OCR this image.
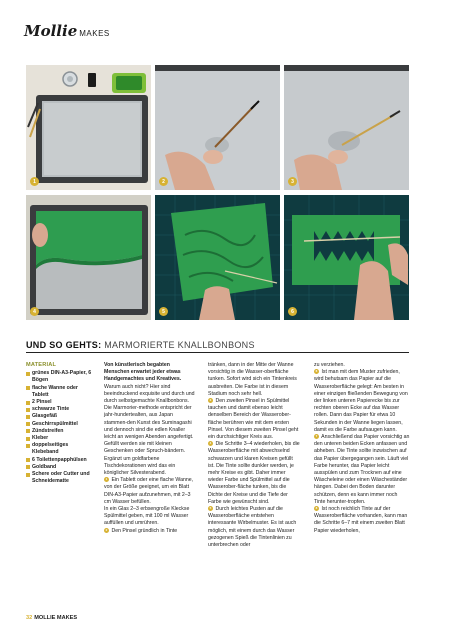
Mollie MAKES
1	2	3
4	5	6
UND SO GEHTS: MARMORIERTE KNALLBONBONS
MATERIAL
grünes DIN-A3-Papier, 6 Bögen
flache Wanne oder Tablett
2 Pinsel
schwarze Tinte
Glasgefäß
Geschirrspülmittel
Zündstreifen
Kleber
doppelseitiges Klebeband
6 Toilettenpapphülsen
Goldband
Schere oder Cutter und Schneidematte

Von künstlerisch begabten Menschen erwartet jeder etwas Handgemachtes und Kreatives. Warum auch nicht? Hier sind beeindruckend exquisite und durch und durch selbstgemachte Knallbonbons. Die Marmorier-methode entspricht der jahr-hundertealten, aus Japan stammen-den Kunst des Suminagashi und dennoch sind die edlen Knaller leicht an wenigen Abenden angefertigt. Gefüllt werden sie mit kleinen Geschenken oder Spruch-bändern. Ergänzt um goldfarbene Tischdekorationen wird das ein königlicher Silvesterabend.

1 Ein Tablett oder eine flache Wanne, von der Größe geeignet, um ein Blatt DIN-A3-Papier aufzunehmen, mit 2–3 cm Wasser befüllen.

In ein Glas 2–3 erbsengroße Kleckse Spülmittel geben, mit 100 ml Wasser auffüllen und umrühren.

2 Den Pinsel gründlich in Tinte

tränken, dann in der Mitte der Wanne vorsichtig in die Wasser-oberfläche tunken. Sofort wird sich ein Tintenkreis ausbreiten. Die Farbe ist in diesem Stadium noch sehr hell.

3 Den zweiten Pinsel in Spülmittel tauchen und damit ebenso leicht denselben Bereich der Wasserober-fläche berühren wie mit dem ersten Pinsel. Von diesem zweiten Pinsel geht ein durchsichtiger Kreis aus.

4 Die Schritte 3–4 wiederholen, bis die Wasseroberfläche mit abwechselnd schwarzen und klaren Kreisen gefüllt ist. Die Tinte sollte dunkler werden, je mehr Kreise es gibt. Daher immer wieder Farbe und Spülmittel auf die Wasserober-fläche tunken, bis die Dichte der Kreise und die Tiefe der Farbe wie gewünscht sind.

5 Durch leichtes Pusten auf die Wasseroberfläche entstehen interessante Wirbelmuster. Es ist auch möglich, mit einem durch das Wasser gezogenen Spieß die Tintenlinien zu unterbrechen oder

zu verziehen.

6 Ist man mit dem Muster zufrieden, wird behutsam das Papier auf die Wasseroberfläche gelegt: Am besten in einer einzigen fließenden Bewegung von der linken unteren Papierecke bis zur rechten oberen Ecke auf das Wasser rollen. Dann das Papier für etwa 10 Sekunden in der Wanne liegen lassen, damit es die Farbe aufsaugen kann.

7 Anschließend das Papier vorsichtig an den unteren beiden Ecken anfassen und abheben. Die Tinte sollte inzwischen auf das Papier übergegangen sein. Läuft viel Farbe herunter, das Papier leicht ausspülen und zum Trocknen auf eine Wäscheleine oder einen Wäscheständer hängen. Dabei den Boden darunter schützen, denn es kann immer noch Tinte herunter-tropfen.

8 Ist noch reichlich Tinte auf der Wasseroberfläche vorhanden, kann man die Schritte 6–7 mit einem zweiten Blatt Papier wiederholen,

32 MOLLIE MAKES
